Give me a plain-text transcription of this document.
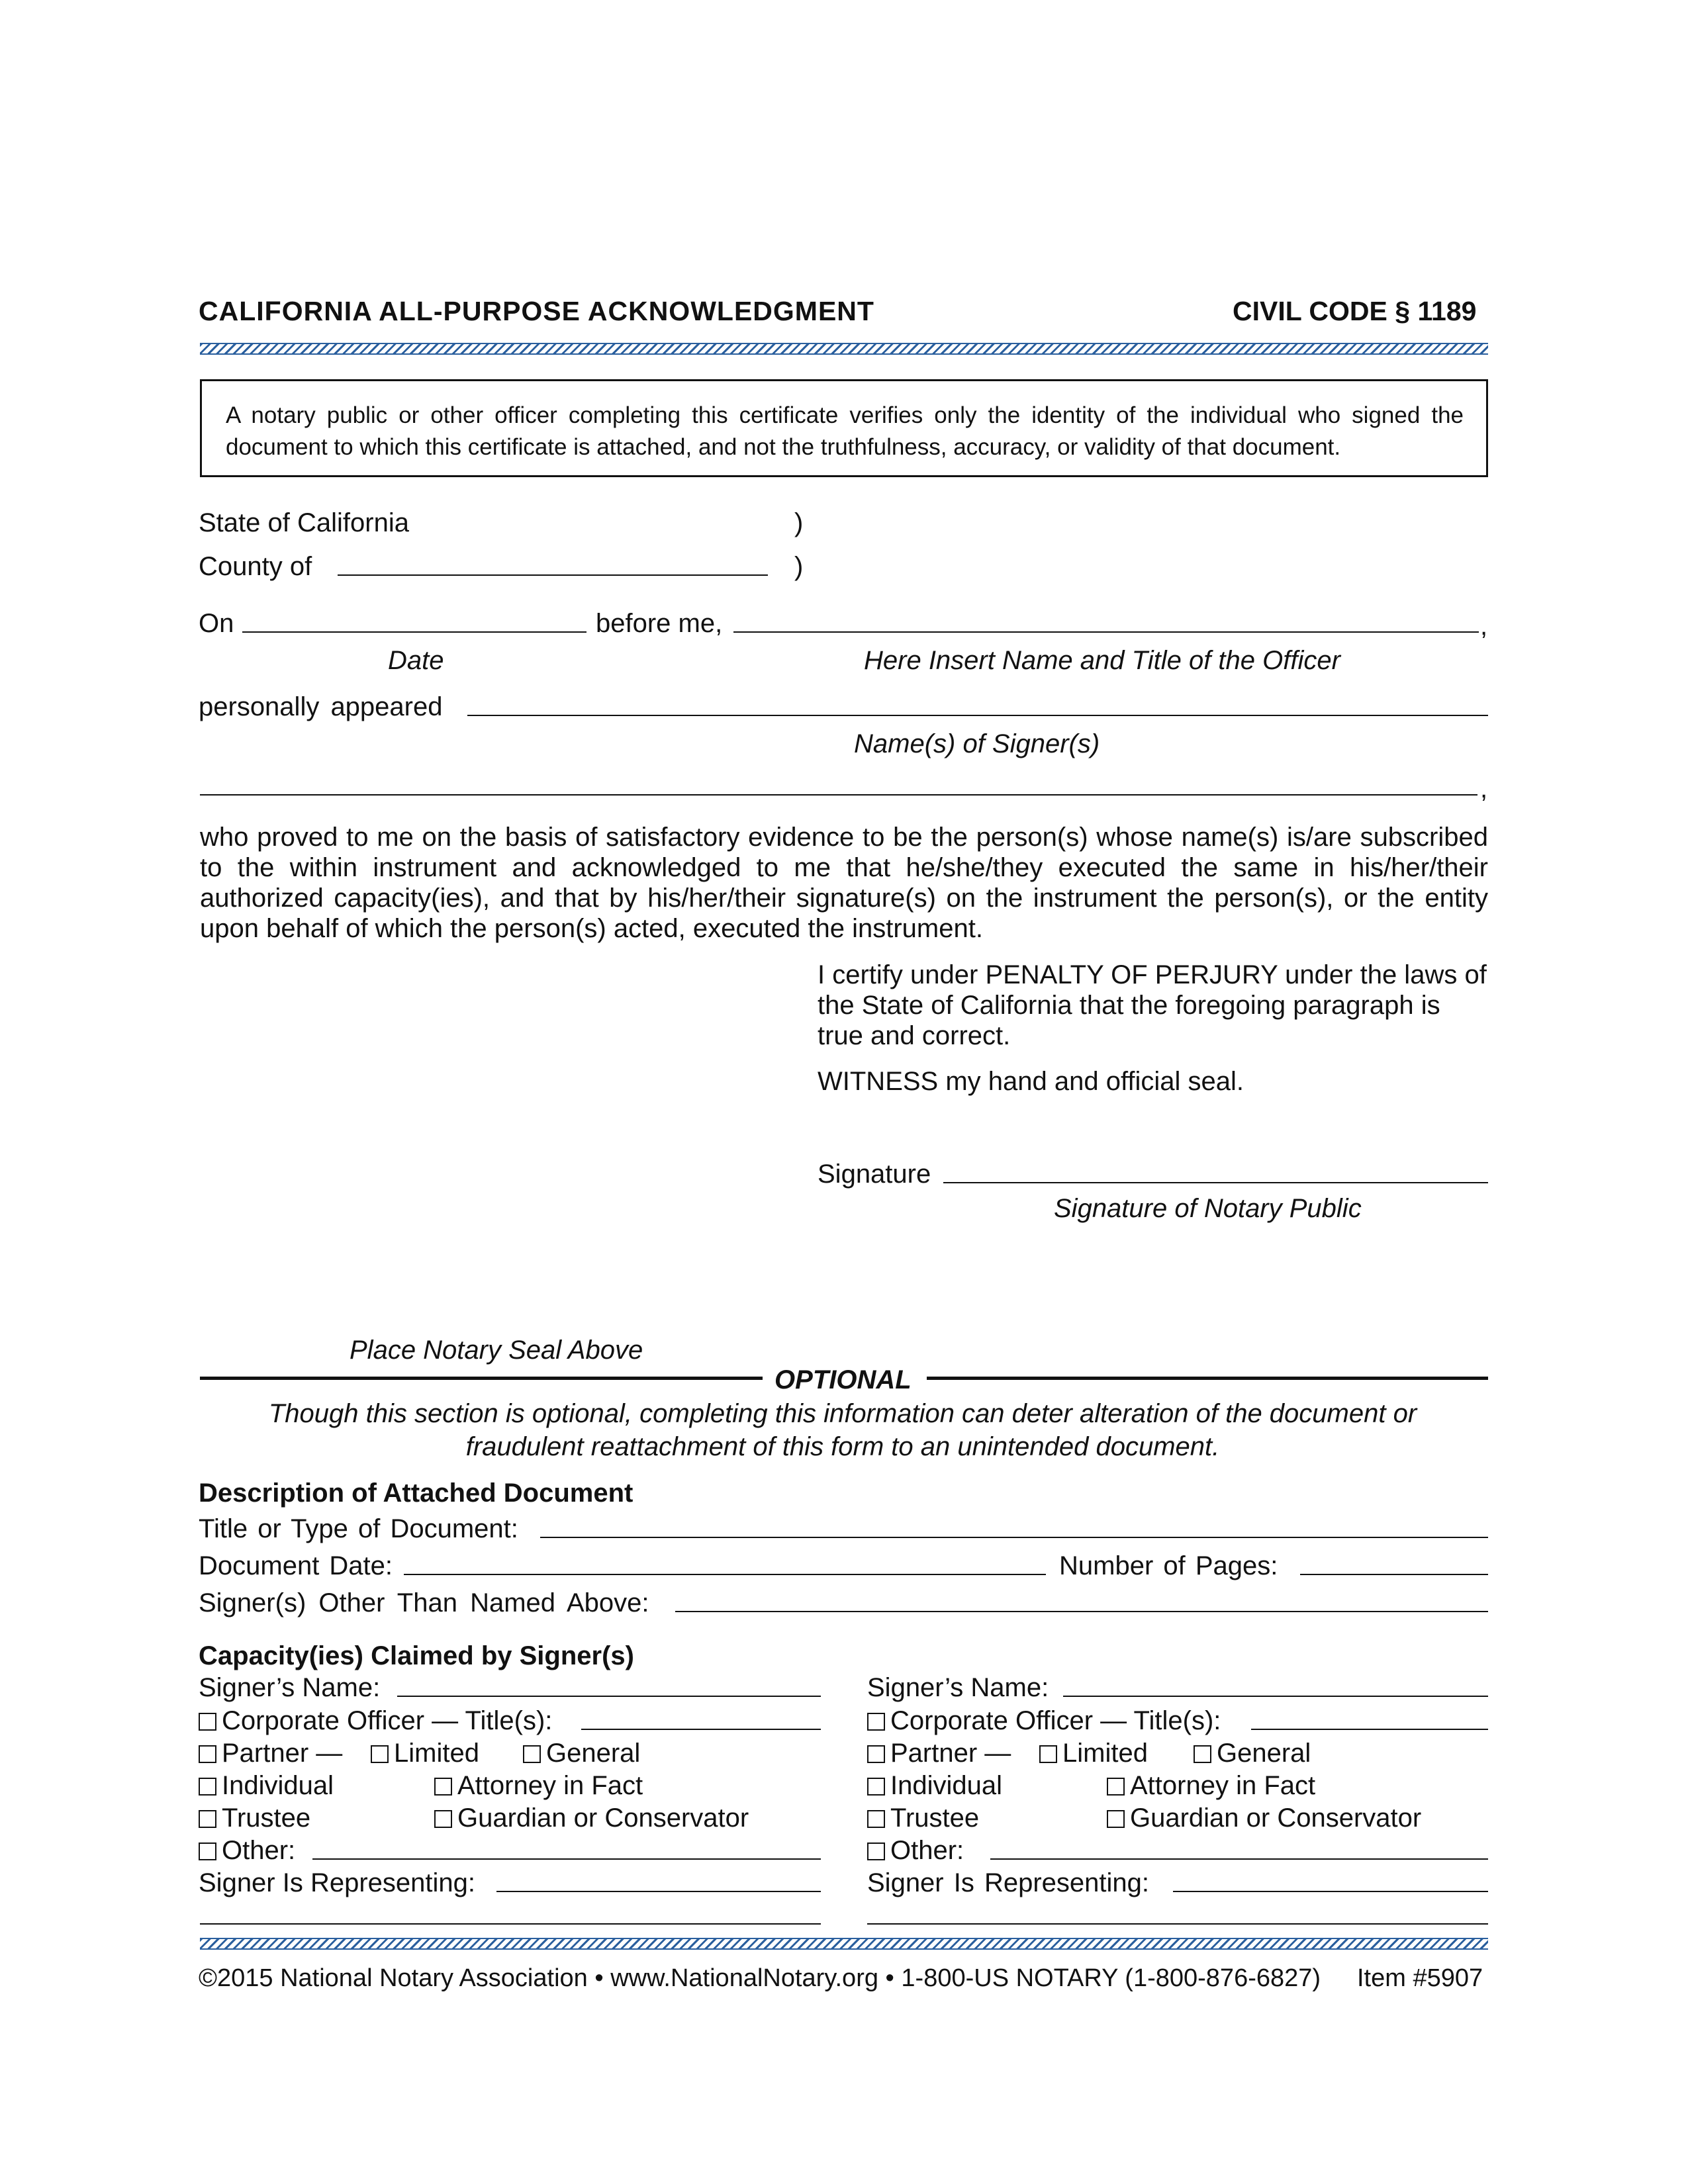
CALIFORNIA ALL-PURPOSE ACKNOWLEDGMENT	CIVIL CODE § 1189

A notary public or other officer completing this certificate verifies only the identity of the individual who signed the document to which this certificate is attached, and not the truthfulness, accuracy, or validity of that document.

State of California	)
County of	)
On	before me,	,
Date	Here Insert Name and Title of the Officer
personally appeared
Name(s) of Signer(s)
,

who proved to me on the basis of satisfactory evidence to be the person(s) whose name(s) is/are subscribed to the within instrument and acknowledged to me that he/she/they executed the same in his/her/their authorized capacity(ies), and that by his/her/their signature(s) on the instrument the person(s), or the entity upon behalf of which the person(s) acted, executed the instrument.

I certify under PENALTY OF PERJURY under the laws of the State of California that the foregoing paragraph is true and correct.

WITNESS my hand and official seal.
Signature
Signature of Notary Public
Place Notary Seal Above
OPTIONAL
Though this section is optional, completing this information can deter alteration of the document or
fraudulent reattachment of this form to an unintended document.
Description of Attached Document
Title or Type of Document:
Document Date:	Number of Pages:
Signer(s) Other Than Named Above:
Capacity(ies) Claimed by Signer(s)
Signer’s Name:
Corporate Officer — Title(s):
Partner —	Limited	General
Individual	Attorney in Fact
Trustee	Guardian or Conservator
Other:
Signer Is Representing:
Signer’s Name:
Corporate Officer — Title(s):
Partner —	Limited	General
Individual	Attorney in Fact
Trustee	Guardian or Conservator
Other:
Signer Is Representing:
©2015 National Notary Association • www.NationalNotary.org • 1-800-US NOTARY (1-800-876-6827) Item #5907
